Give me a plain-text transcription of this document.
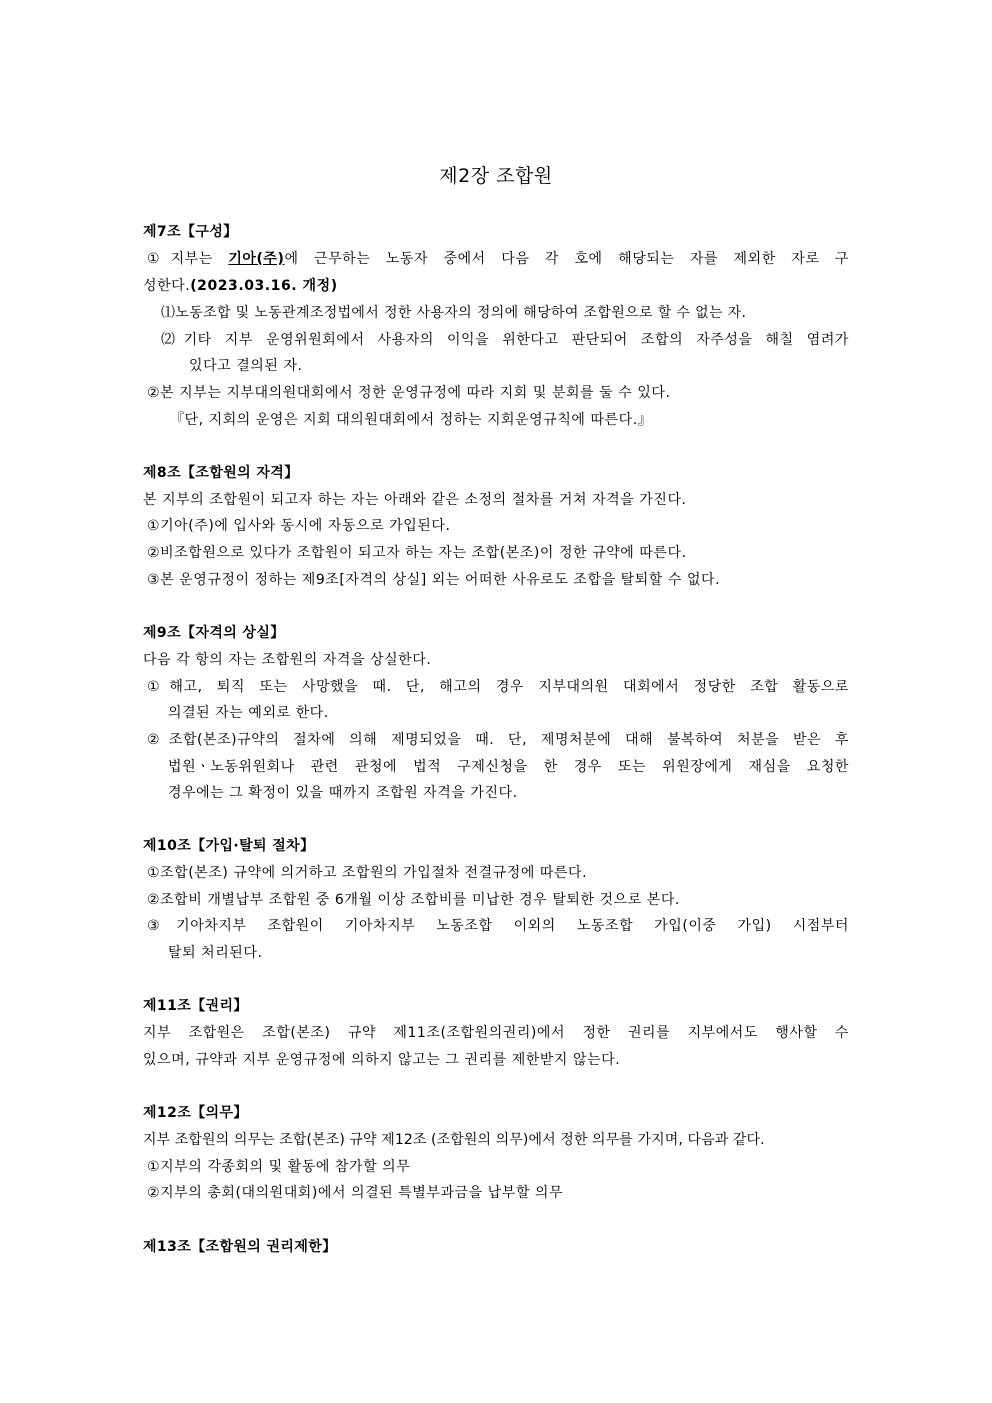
제2장 조합원
제7조【구성】
①지부는 기아(주)에 근무하는 노동자 중에서 다음 각 호에 해당되는 자를 제외한 자로 구
성한다.(2023.03.16. 개정)
⑴노동조합 및 노동관계조정법에서 정한 사용자의 정의에 해당하여 조합원으로 할 수 없는 자.
⑵기타 지부 운영위원회에서 사용자의 이익을 위한다고 판단되어 조합의 자주성을 해칠 염려가
있다고 결의된 자.
②본 지부는 지부대의원대회에서 정한 운영규정에 따라 지회 및 분회를 둘 수 있다.
『단, 지회의 운영은 지회 대의원대회에서 정하는 지회운영규칙에 따른다.』
제8조【조합원의 자격】
본 지부의 조합원이 되고자 하는 자는 아래와 같은 소정의 절차를 거쳐 자격을 가진다.
①기아(주)에 입사와 동시에 자동으로 가입된다.
②비조합원으로 있다가 조합원이 되고자 하는 자는 조합(본조)이 정한 규약에 따른다.
③본 운영규정이 정하는 제9조[자격의 상실] 외는 어떠한 사유로도 조합을 탈퇴할 수 없다.
제9조【자격의 상실】
다음 각 항의 자는 조합원의 자격을 상실한다.
①해고, 퇴직 또는 사망했을 때. 단, 해고의 경우 지부대의원 대회에서 정당한 조합 활동으로
의결된 자는 예외로 한다.
②조합(본조)규약의 절차에 의해 제명되었을 때. 단, 제명처분에 대해 불복하여 처분을 받은 후
법원ㆍ노동위원회나 관련 관청에 법적 구제신청을 한 경우 또는 위원장에게 재심을 요청한
경우에는 그 확정이 있을 때까지 조합원 자격을 가진다.
제10조【가입·탈퇴 절차】
①조합(본조) 규약에 의거하고 조합원의 가입절차 전결규정에 따른다.
②조합비 개별납부 조합원 중 6개월 이상 조합비를 미납한 경우 탈퇴한 것으로 본다.
③기아차지부 조합원이 기아차지부 노동조합 이외의 노동조합 가입(이중 가입) 시점부터
탈퇴 처리된다.
제11조【권리】
지부 조합원은 조합(본조) 규약 제11조(조합원의권리)에서 정한 권리를 지부에서도 행사할 수
있으며, 규약과 지부 운영규정에 의하지 않고는 그 권리를 제한받지 않는다.
제12조【의무】
지부 조합원의 의무는 조합(본조) 규약 제12조 (조합원의 의무)에서 정한 의무를 가지며, 다음과 같다.
①지부의 각종회의 및 활동에 참가할 의무
②지부의 총회(대의원대회)에서 의결된 특별부과금을 납부할 의무
제13조【조합원의 권리제한】
